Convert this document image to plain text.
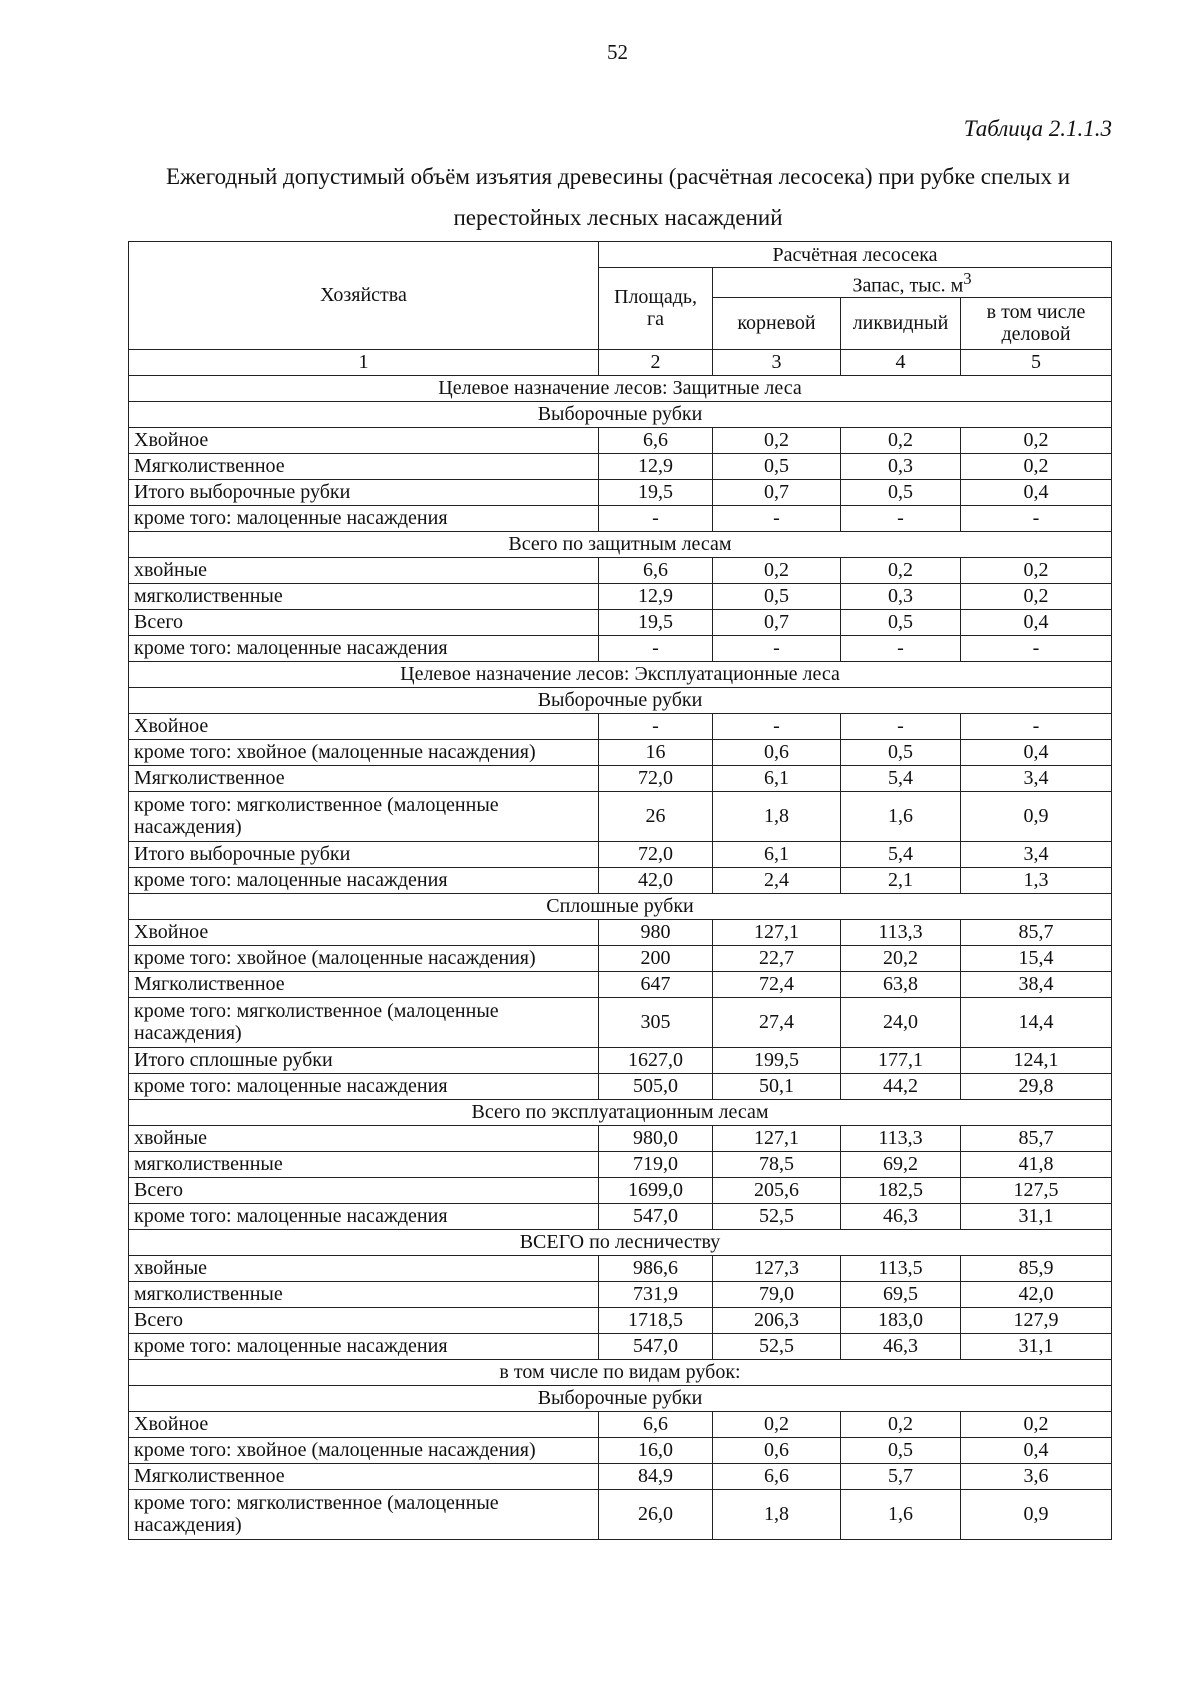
52
Таблица 2.1.1.3
Ежегодный допустимый объём изъятия древесины (расчётная лесосека) при рубке спелых и
перестойных лесных насаждений
Хозяйства	Расчётная лесосека			
	Площадь, га	Запас, тыс. $м^3$
		корневой	ликвидный	в том числе деловой
1	2	3	4	5
Целевое назначение лесов: Защитные леса				
Выборочные рубки				
Хвойное	6,6	0,2	0,2	0,2
Мягколиственное	12,9	0,5	0,3	0,2
Итого выборочные рубки	19,5	0,7	0,5	0,4
кроме того: малоценные насаждения	-	-	-	-
Всего по защитным лесам				
хвойные	6,6	0,2	0,2	0,2
мягколиственные	12,9	0,5	0,3	0,2
Всего	19,5	0,7	0,5	0,4
кроме того: малоценные насаждения	-	-	-	-
Целевое назначение лесов: Эксплуатационные леса				
Выборочные рубки				
Хвойное	-	-	-	-
кроме того: хвойное (малоценные насаждения)	16	0,6	0,5	0,4
Мягколиственное	72,0	6,1	5,4	3,4
кроме того: мягколиственное (малоценные насаждения)	26	1,8	1,6	0,9
Итого выборочные рубки	72,0	6,1	5,4	3,4
кроме того: малоценные насаждения	42,0	2,4	2,1	1,3
Сплошные рубки				
Хвойное	980	127,1	113,3	85,7
кроме того: хвойное (малоценные насаждения)	200	22,7	20,2	15,4
Мягколиственное	647	72,4	63,8	38,4
кроме того: мягколиственное (малоценные насаждения)	305	27,4	24,0	14,4
Итого сплошные рубки	1627,0	199,5	177,1	124,1
кроме того: малоценные насаждения	505,0	50,1	44,2	29,8
Всего по эксплуатационным лесам				
хвойные	980,0	127,1	113,3	85,7
мягколиственные	719,0	78,5	69,2	41,8
Всего	1699,0	205,6	182,5	127,5
кроме того: малоценные насаждения	547,0	52,5	46,3	31,1
ВСЕГО по лесничеству				
хвойные	986,6	127,3	113,5	85,9
мягколиственные	731,9	79,0	69,5	42,0
Всего	1718,5	206,3	183,0	127,9
кроме того: малоценные насаждения	547,0	52,5	46,3	31,1
в том числе по видам рубок:				
Выборочные рубки				
Хвойное	6,6	0,2	0,2	0,2
кроме того: хвойное (малоценные насаждения)	16,0	0,6	0,5	0,4
Мягколиственное	84,9	6,6	5,7	3,6
кроме того: мягколиственное (малоценные насаждения)	26,0	1,8	1,6	0,9
